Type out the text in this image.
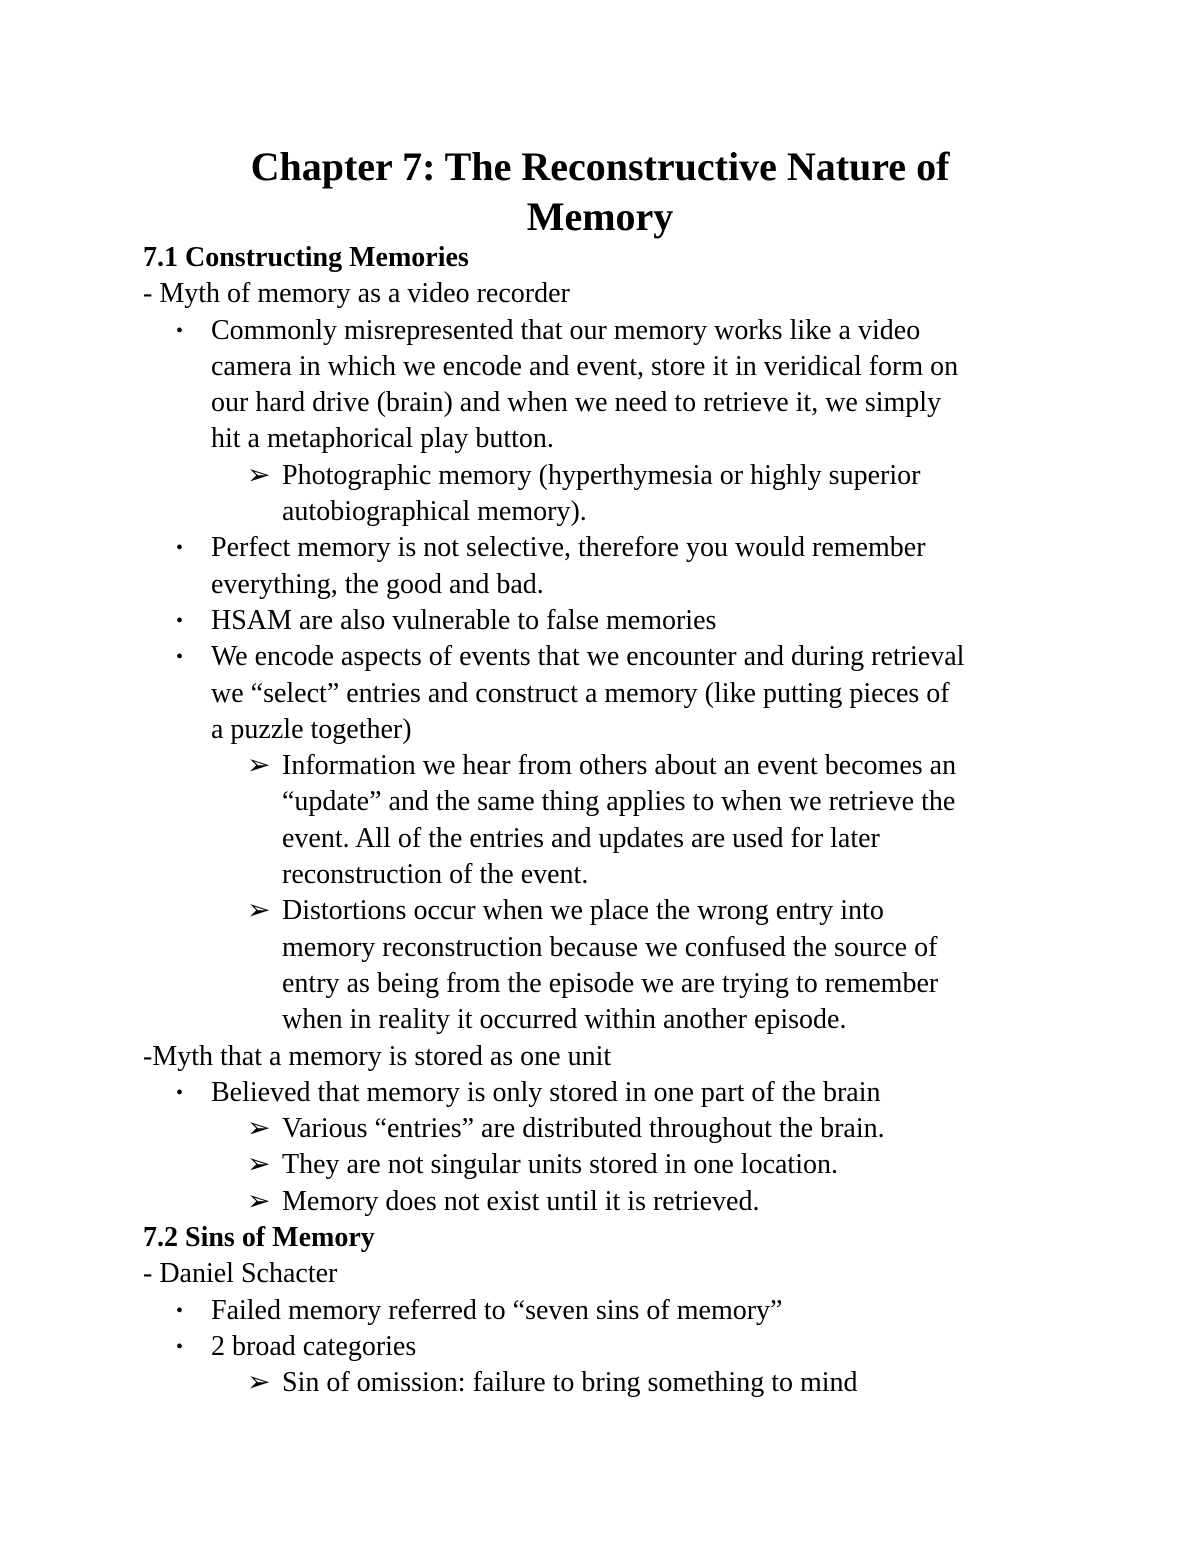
Chapter 7: The Reconstructive Nature of
Memory

7.1 Constructing Memories

- Myth of memory as a video recorder

• Commonly misrepresented that our memory works like a video

camera in which we encode and event, store it in veridical form on

our hard drive (brain) and when we need to retrieve it, we simply

hit a metaphorical play button.

➢ Photographic memory (hyperthymesia or highly superior

autobiographical memory).

• Perfect memory is not selective, therefore you would remember

everything, the good and bad.

• HSAM are also vulnerable to false memories

• We encode aspects of events that we encounter and during retrieval

we “select” entries and construct a memory (like putting pieces of

a puzzle together)

➢ Information we hear from others about an event becomes an

“update” and the same thing applies to when we retrieve the

event. All of the entries and updates are used for later

reconstruction of the event.

➢ Distortions occur when we place the wrong entry into

memory reconstruction because we confused the source of

entry as being from the episode we are trying to remember

when in reality it occurred within another episode.

-Myth that a memory is stored as one unit

• Believed that memory is only stored in one part of the brain

➢ Various “entries” are distributed throughout the brain.

➢ They are not singular units stored in one location.

➢ Memory does not exist until it is retrieved.

7.2 Sins of Memory

- Daniel Schacter

• Failed memory referred to “seven sins of memory”

• 2 broad categories

➢ Sin of omission: failure to bring something to mind
